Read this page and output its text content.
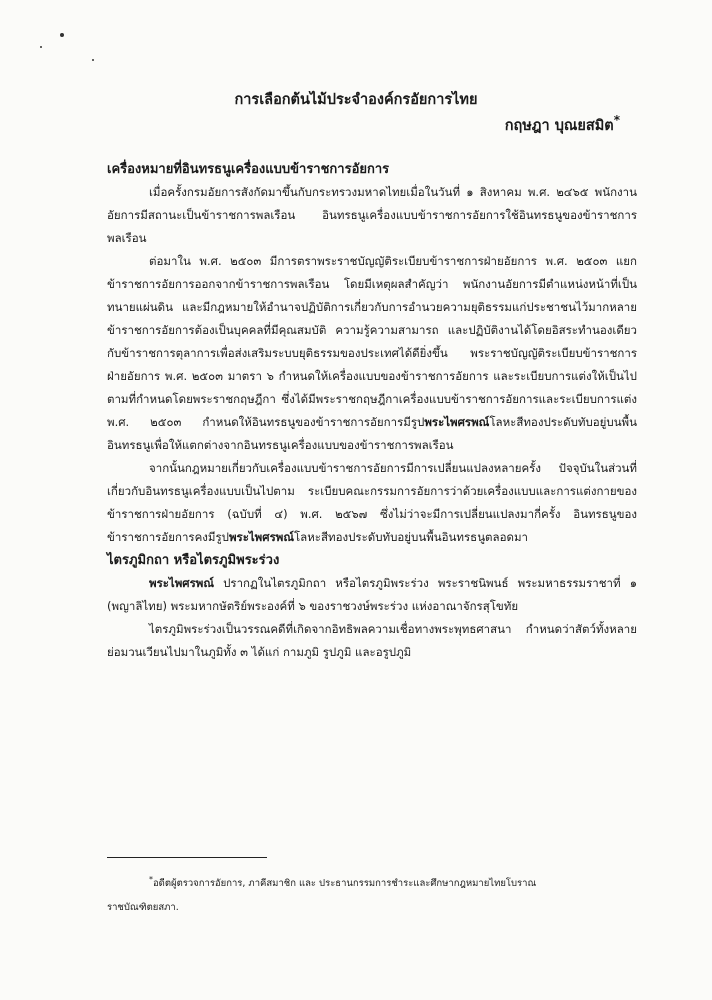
การเลือกต้นไม้ประจำองค์กรอัยการไทย
กฤษฎา บุณยสมิต*
เครื่องหมายที่อินทรธนูเครื่องแบบข้าราชการอัยการ

เมื่อครั้งกรมอัยการสังกัดมาขึ้นกับกระทรวงมหาดไทยเมื่อในวันที่ ๑ สิงหาคม พ.ศ. ๒๔๖๕ พนักงานอัยการมีสถานะเป็นข้าราชการพลเรือน อินทรธนูเครื่องแบบข้าราชการอัยการใช้อินทรธนูของข้าราชการพลเรือน

ต่อมาใน พ.ศ. ๒๕๐๓ มีการตราพระราชบัญญัติระเบียบข้าราชการฝ่ายอัยการ พ.ศ. ๒๕๐๓ แยกข้าราชการอัยการออกจากข้าราชการพลเรือน โดยมีเหตุผลสำคัญว่า พนักงานอัยการมีตำแหน่งหน้าที่เป็นทนายแผ่นดิน และมีกฎหมายให้อำนาจปฏิบัติการเกี่ยวกับการอำนวยความยุติธรรมแก่ประชาชนไว้มากหลาย ข้าราชการอัยการต้องเป็นบุคคลที่มีคุณสมบัติ ความรู้ความสามารถ และปฏิบัติงานได้โดยอิสระทำนองเดียวกับข้าราชการตุลาการเพื่อส่งเสริมระบบยุติธรรมของประเทศได้ดียิ่งขึ้น พระราชบัญญัติระเบียบข้าราชการฝ่ายอัยการ พ.ศ. ๒๕๐๓ มาตรา ๖ กำหนดให้เครื่องแบบของข้าราชการอัยการ และระเบียบการแต่งให้เป็นไปตามที่กำหนดโดยพระราชกฤษฎีกา ซึ่งได้มีพระราชกฤษฎีกาเครื่องแบบข้าราชการอัยการและระเบียบการแต่ง พ.ศ. ๒๕๐๓ กำหนดให้อินทรธนูของข้าราชการอัยการมีรูปพระไพศรพณ์โลหะสีทองประดับทับอยู่บนพื้นอินทรธนูเพื่อให้แตกต่างจากอินทรธนูเครื่องแบบของข้าราชการพลเรือน

จากนั้นกฎหมายเกี่ยวกับเครื่องแบบข้าราชการอัยการมีการเปลี่ยนแปลงหลายครั้ง ปัจจุบันในส่วนที่เกี่ยวกับอินทรธนูเครื่องแบบเป็นไปตาม ระเบียบคณะกรรมการอัยการว่าด้วยเครื่องแบบและการแต่งกายของข้าราชการฝ่ายอัยการ (ฉบับที่ ๔) พ.ศ. ๒๕๖๗ ซึ่งไม่ว่าจะมีการเปลี่ยนแปลงมากี่ครั้ง อินทรธนูของข้าราชการอัยการคงมีรูปพระไพศรพณ์โลหะสีทองประดับทับอยู่บนพื้นอินทรธนูตลอดมา

ไตรภูมิกถา หรือไตรภูมิพระร่วง

พระไพศรพณ์ ปรากฏในไตรภูมิกถา หรือไตรภูมิพระร่วง พระราชนิพนธ์ พระมหาธรรมราชาที่ ๑ (พญาลิไทย) พระมหากษัตริย์พระองค์ที่ ๖ ของราชวงษ์พระร่วง แห่งอาณาจักรสุโขทัย

ไตรภูมิพระร่วงเป็นวรรณคดีที่เกิดจากอิทธิพลความเชื่อทางพระพุทธศาสนา กำหนดว่าสัตว์ทั้งหลายย่อมวนเวียนไปมาในภูมิทั้ง ๓ ได้แก่ กามภูมิ รูปภูมิ และอรูปภูมิ

*อดีตผู้ตรวจการอัยการ, ภาคีสมาชิก และ ประธานกรรมการชำระและศึกษากฎหมายไทยโบราณ

ราชบัณฑิตยสภา.
